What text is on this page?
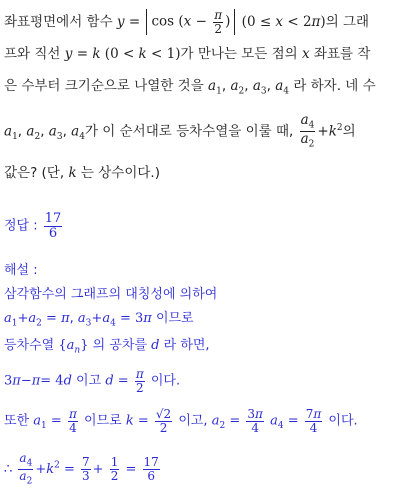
좌표평면에서 함수 $y = \cos (x - \frac{\pi}{2}$ ) (0 ≤ x < 2π)의 그래
프와 직선 y = k (0 < k < 1)가 만나는 모든 점의 x 좌표를 작
은 수부터 크기순으로 나열한 것을 $a_1$, $a_2$, $a_3$, $a_4$ 라 하자. 네 수
$a_1$, $a_2$, $a_3$, $a_4$가 이 순서대로 등차수열을 이룰 때, $\frac{a_4}{a_2} +k^2$의
값은? (단, k 는 상수이다.)
정답 : $\frac{17}{6}$
해설 :
삼각함수의 그래프의 대칭성에 의하여
$a_1+a_2 = \pi$, $a_3+a_4 = 3\pi$ 이므로
등차수열 $\{a_n\}$ 의 공차를 d 라 하면,
3π−π= 4d 이고 $d = \frac{\pi}{2}$ 이다.
또한 $a_1 = \frac{\pi}{4}$ 이므로 $k = \frac{√2}{2}$ 이고, $a_2 = \frac{3\pi}{4} a_4 = \frac{7\pi}{4}$ 이다.
∴ $\frac{a_4}{a_2} +k^2 = \frac{7}{3} + \frac{1}{2} = \frac{17}{6}$
